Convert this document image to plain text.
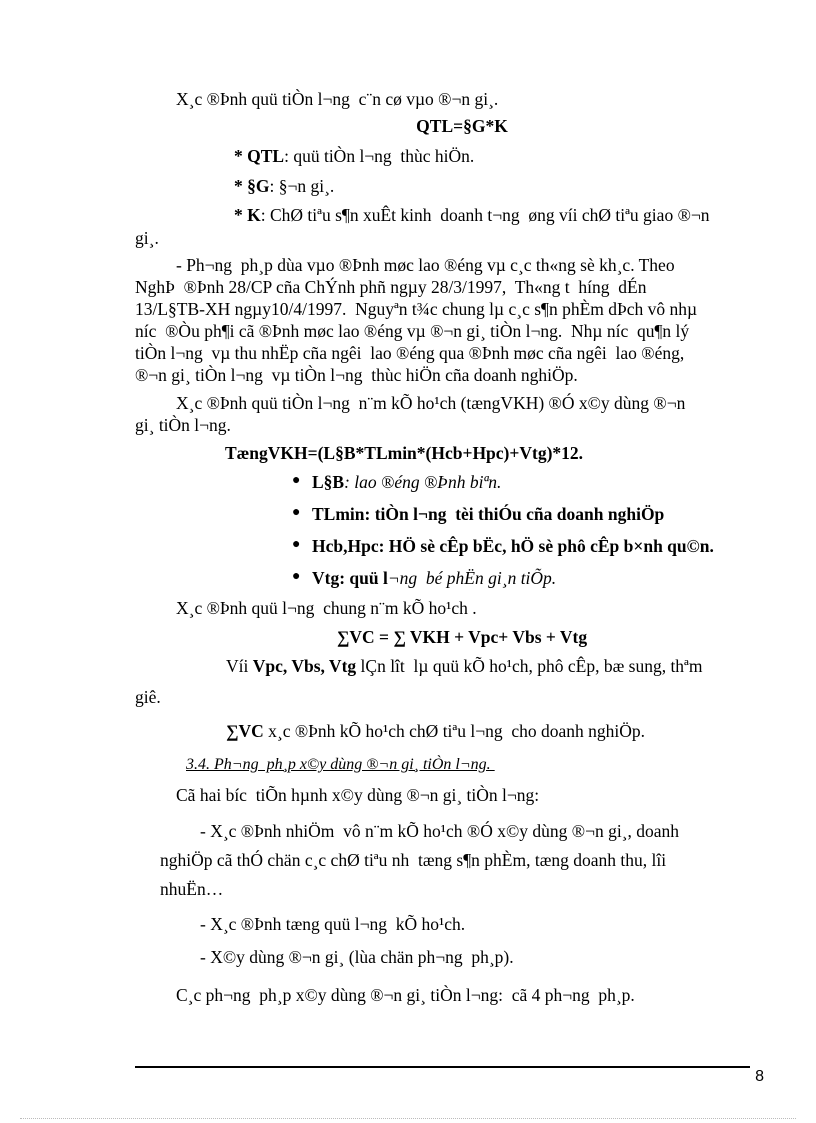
X¸c ®Þnh quü tiÒn l¬ng  c¨n cø vµo ®¬n gi¸.
QTL=§G*K
* QTL: quü tiÒn l¬ng  thùc hiÖn.
* §G: §¬n gi¸.
* K: ChØ tiªu s¶n xuÊt kinh  doanh t¬ng  øng víi chØ tiªu giao ®¬n
gi¸.
- Ph¬ng  ph¸p dùa vµo ®Þnh møc lao ®éng vµ c¸c th«ng sè kh¸c. Theo
NghÞ  ®Þnh 28/CP cña ChÝnh phñ ngµy 28/3/1997,  Th«ng t  híng  dÉn
13/L§TB-XH ngµy10/4/1997.  Nguyªn t¾c chung lµ c¸c s¶n phÈm dÞch vô nhµ
níc  ®Òu ph¶i cã ®Þnh møc lao ®éng vµ ®¬n gi¸ tiÒn l¬ng.  Nhµ níc  qu¶n lý
tiÒn l¬ng  vµ thu nhËp cña ngêi  lao ®éng qua ®Þnh møc cña ngêi  lao ®éng,
®¬n gi¸ tiÒn l¬ng  vµ tiÒn l¬ng  thùc hiÖn cña doanh nghiÖp.
X¸c ®Þnh quü tiÒn l¬ng  n¨m kÕ ho¹ch (tængVKH) ®Ó x©y dùng ®¬n
gi¸ tiÒn l¬ng.
TængVKH=(L§B*TLmin*(Hcb+Hpc)+Vtg)*12.
● L§B: lao ®éng ®Þnh biªn.
● TLmin: tiÒn l¬ng  tèi thiÓu cña doanh nghiÖp
● Hcb,Hpc: HÖ sè cÊp bËc, hÖ sè phô cÊp b×nh qu©n.
● Vtg: quü l¬ng  bé phËn gi¸n tiÕp.
X¸c ®Þnh quü l¬ng  chung n¨m kÕ ho¹ch .
∑VC = ∑ VKH + Vpc+ Vbs + Vtg
Víi Vpc, Vbs, Vtg lÇn lît  lµ quü kÕ ho¹ch, phô cÊp, bæ sung, thªm
giê.
∑VC x¸c ®Þnh kÕ ho¹ch chØ tiªu l¬ng  cho doanh nghiÖp.
3.4. Ph¬ng  ph¸p x©y dùng ®¬n gi¸ tiÒn l¬ng.
Cã hai bíc  tiÕn hµnh x©y dùng ®¬n gi¸ tiÒn l¬ng:
- X¸c ®Þnh nhiÖm  vô n¨m kÕ ho¹ch ®Ó x©y dùng ®¬n gi¸, doanh
nghiÖp cã thÓ chän c¸c chØ tiªu nh  tæng s¶n phÈm, tæng doanh thu, lîi
nhuËn…
- X¸c ®Þnh tæng quü l¬ng  kÕ ho¹ch.
- X©y dùng ®¬n gi¸ (lùa chän ph¬ng  ph¸p).
C¸c ph¬ng  ph¸p x©y dùng ®¬n gi¸ tiÒn l¬ng:  cã 4 ph¬ng  ph¸p.
8
